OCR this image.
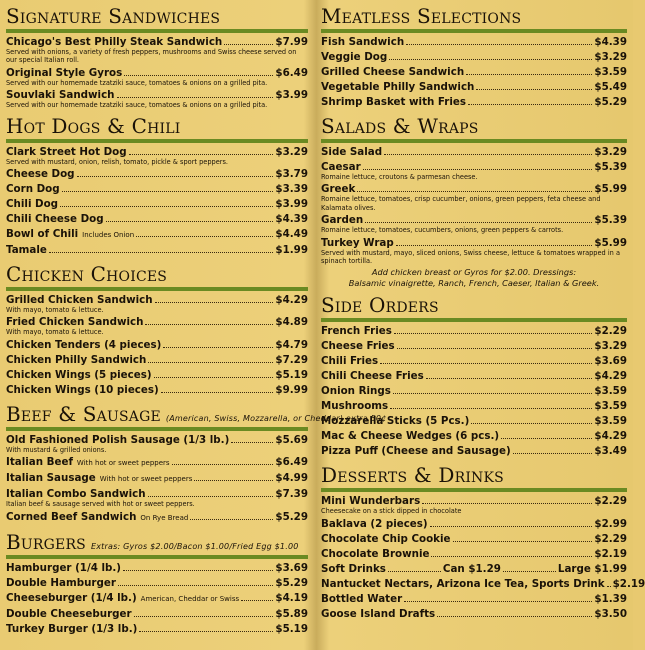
Signature Sandwiches
Chicago's Best Philly Steak Sandwich	$7.99
Served with onions, a variety of fresh peppers, mushrooms and Swiss cheese served on our special Italian roll.
Original Style Gyros	$6.49
Served with our homemade tzatziki sauce, tomatoes & onions on a grilled pita.
Souvlaki Sandwich	$3.99
Served with our homemade tzatziki sauce, tomatoes & onions on a grilled pita.
Hot Dogs & Chili
Clark Street Hot Dog	$3.29
Served with mustard, onion, relish, tomato, pickle & sport peppers.
Cheese Dog	$3.79
Corn Dog	$3.39
Chili Dog	$3.99
Chili Cheese Dog	$4.39
Bowl of Chili Includes Onion	$4.49
Tamale	$1.99
Chicken Choices
Grilled Chicken Sandwich	$4.29
With mayo, tomato & lettuce.
Fried Chicken Sandwich	$4.89
With mayo, tomato & lettuce.
Chicken Tenders (4 pieces)	$4.79
Chicken Philly Sandwich	$7.29
Chicken Wings (5 pieces)	$5.19
Chicken Wings (10 pieces)	$9.99
Beef & Sausage (American, Swiss, Mozzarella, or Cheddar) extra 50¢
Old Fashioned Polish Sausage (1/3 lb.)	$5.69
With mustard & grilled onions.
Italian Beef With hot or sweet peppers	$6.49
Italian Sausage With hot or sweet peppers	$4.99
Italian Combo Sandwich	$7.39
Italian beef & sausage served with hot or sweet peppers.
Corned Beef Sandwich On Rye Bread	$5.29
Burgers Extras: Gyros $2.00/Bacon $1.00/Fried Egg $1.00
Hamburger (1/4 lb.)	$3.69
Double Hamburger	$5.29
Cheeseburger (1/4 lb.) American, Cheddar or Swiss	$4.19
Double Cheeseburger	$5.89
Turkey Burger (1/3 lb.)	$5.19
Meatless Selections
Fish Sandwich	$4.39
Veggie Dog	$3.29
Grilled Cheese Sandwich	$3.59
Vegetable Philly Sandwich	$5.49
Shrimp Basket with Fries	$5.29
Salads & Wraps
Side Salad	$3.29
Caesar	$5.39
Romaine lettuce, croutons & parmesan cheese.
Greek	$5.99
Romaine lettuce, tomatoes, crisp cucumber, onions, green peppers, feta cheese and Kalamata olives.
Garden	$5.39
Romaine lettuce, tomatoes, cucumbers, onions, green peppers & carrots.
Turkey Wrap	$5.99
Served with mustard, mayo, sliced onions, Swiss cheese, lettuce & tomatoes wrapped in a spinach tortilla.
Add chicken breast or Gyros for $2.00. Dressings:
Balsamic vinaigrette, Ranch, French, Caeser, Italian & Greek.
Side Orders
French Fries	$2.29
Cheese Fries	$3.29
Chili Fries	$3.69
Chili Cheese Fries	$4.29
Onion Rings	$3.59
Mushrooms	$3.59
Mozzarella Sticks (5 Pcs.)	$3.59
Mac & Cheese Wedges (6 pcs.)	$4.29
Pizza Puff (Cheese and Sausage)	$3.49
Desserts & Drinks
Mini Wunderbars	$2.29
Cheesecake on a stick dipped in chocolate
Baklava (2 pieces)	$2.99
Chocolate Chip Cookie	$2.29
Chocolate Brownie	$2.19
Soft Drinks	Can $1.29	Large $1.99
Nantucket Nectars, Arizona Ice Tea, Sports Drink $2.19
Bottled Water	$1.39
Goose Island Drafts	$3.50
